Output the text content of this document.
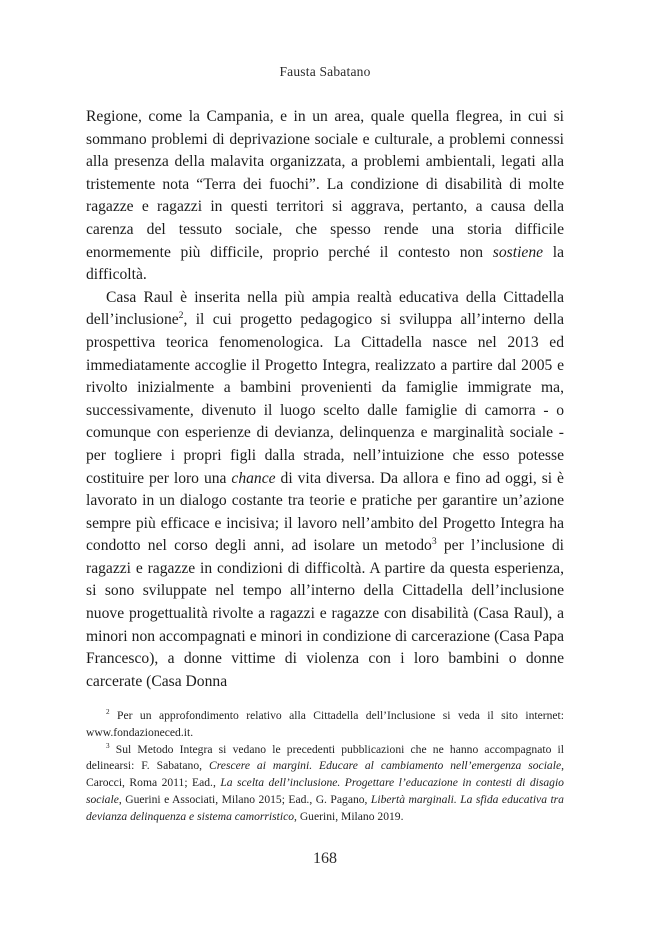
Fausta Sabatano

Regione, come la Campania, e in un area, quale quella flegrea, in cui si sommano problemi di deprivazione sociale e culturale, a problemi connessi alla presenza della malavita organizzata, a problemi ambientali, legati alla tristemente nota “Terra dei fuochi”. La condizione di disabilità di molte ragazze e ragazzi in questi territori si aggrava, pertanto, a causa della carenza del tessuto sociale, che spesso rende una storia difficile enormemente più difficile, proprio perché il contesto non sostiene la difficoltà.

Casa Raul è inserita nella più ampia realtà educativa della Cittadella dell’inclusione$^2$, il cui progetto pedagogico si sviluppa all’interno della prospettiva teorica fenomenologica. La Cittadella nasce nel 2013 ed immediatamente accoglie il Progetto Integra, realizzato a partire dal 2005 e rivolto inizialmente a bambini provenienti da famiglie immigrate ma, successivamente, divenuto il luogo scelto dalle famiglie di camorra - o comunque con esperienze di devianza, delinquenza e marginalità sociale - per togliere i propri figli dalla strada, nell’intuizione che esso potesse costituire per loro una chance di vita diversa. Da allora e fino ad oggi, si è lavorato in un dialogo costante tra teorie e pratiche per garantire un’azione sempre più efficace e incisiva; il lavoro nell’ambito del Progetto Integra ha condotto nel corso degli anni, ad isolare un metodo$^3$ per l’inclusione di ragazzi e ragazze in condizioni di difficoltà. A partire da questa esperienza, si sono sviluppate nel tempo all’interno della Cittadella dell’inclusione nuove progettualità rivolte a ragazzi e ragazze con disabilità (Casa Raul), a minori non accompagnati e minori in condizione di carcerazione (Casa Papa Francesco), a donne vittime di violenza con i loro bambini o donne carcerate (Casa Donna

$^2$ Per un approfondimento relativo alla Cittadella dell’Inclusione si veda il sito internet: www.fondazioneced.it.

$^3$ Sul Metodo Integra si vedano le precedenti pubblicazioni che ne hanno accompagnato il delinearsi: F. Sabatano, Crescere ai margini. Educare al cambiamento nell’emergenza sociale, Carocci, Roma 2011; Ead., La scelta dell’inclusione. Progettare l’educazione in contesti di disagio sociale, Guerini e Associati, Milano 2015; Ead., G. Pagano, Libertà marginali. La sfida educativa tra devianza delinquenza e sistema camorristico, Guerini, Milano 2019.

168
